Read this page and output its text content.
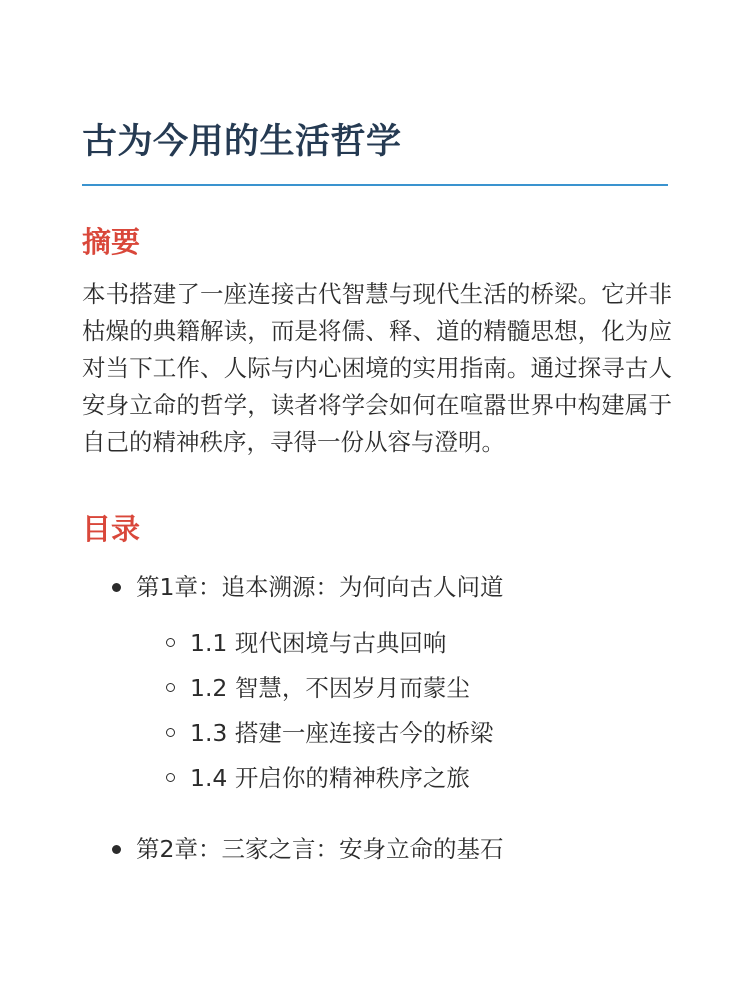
古为今用的生活哲学
摘要

本书搭建了一座连接古代智慧与现代生活的桥梁。它并非枯燥的典籍解读，而是将儒、释、道的精髓思想，化为应对当下工作、人际与内心困境的实用指南。通过探寻古人安身立命的哲学，读者将学会如何在喧嚣世界中构建属于自己的精神秩序，寻得一份从容与澄明。

目录
第1章：追本溯源：为何向古人问道
1.1 现代困境与古典回响
1.2 智慧，不因岁月而蒙尘
1.3 搭建一座连接古今的桥梁
1.4 开启你的精神秩序之旅
第2章：三家之言：安身立命的基石
